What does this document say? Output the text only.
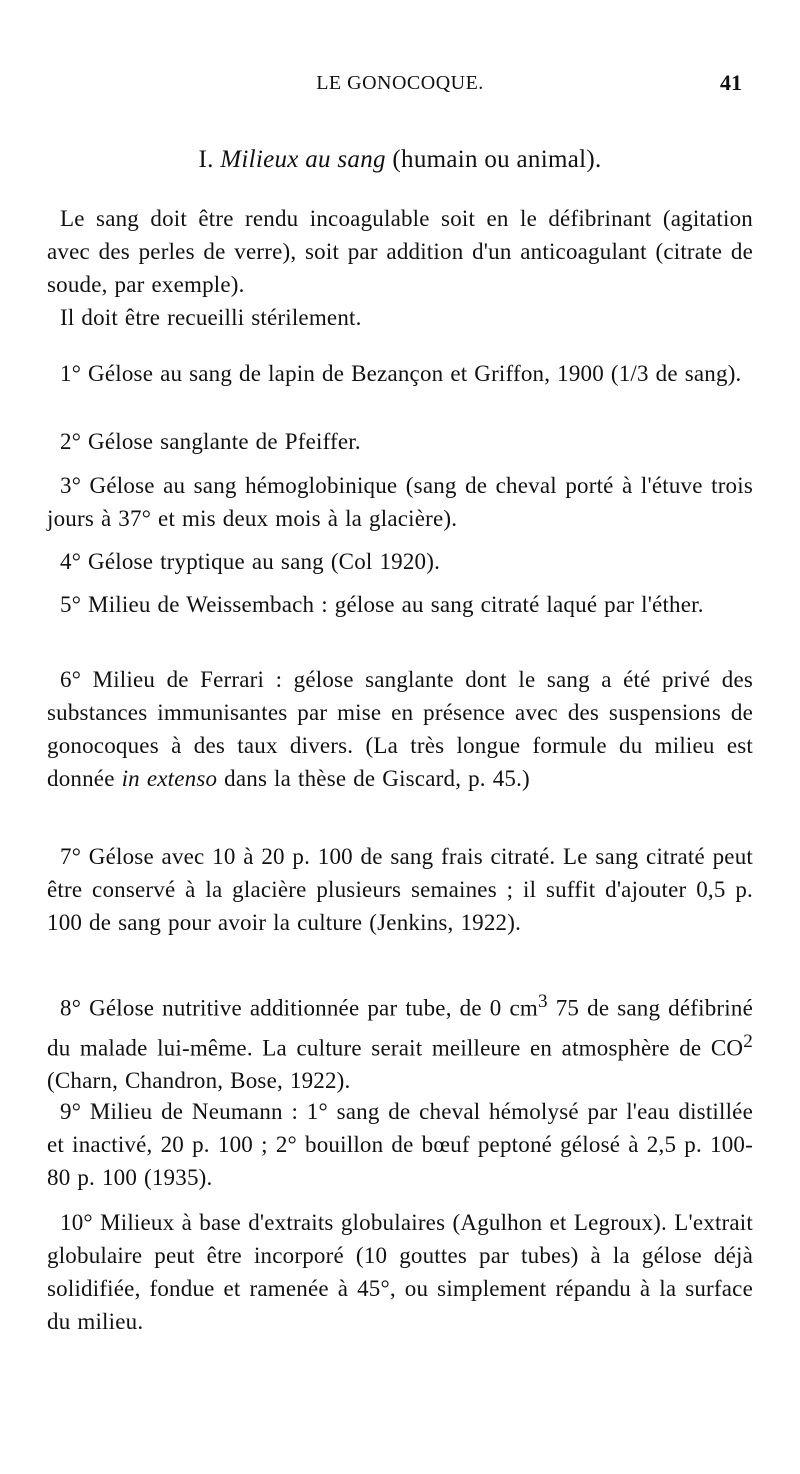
LE GONOCOQUE.	41
I. Milieux au sang (humain ou animal).

Le sang doit être rendu incoagulable soit en le défibrinant (agitation avec des perles de verre), soit par addition d'un anticoagulant (citrate de soude, par exemple).

Il doit être recueilli stérilement.

1° Gélose au sang de lapin de Bezançon et Griffon, 1900 (1/3 de sang).

2° Gélose sanglante de Pfeiffer.

3° Gélose au sang hémoglobinique (sang de cheval porté à l'étuve trois jours à 37° et mis deux mois à la glacière).

4° Gélose tryptique au sang (Col 1920).

5° Milieu de Weissembach : gélose au sang citraté laqué par l'éther.

6° Milieu de Ferrari : gélose sanglante dont le sang a été privé des substances immunisantes par mise en présence avec des suspensions de gonocoques à des taux divers. (La très longue formule du milieu est donnée in extenso dans la thèse de Giscard, p. 45.)

7° Gélose avec 10 à 20 p. 100 de sang frais citraté. Le sang citraté peut être conservé à la glacière plusieurs semaines ; il suffit d'ajouter 0,5 p. 100 de sang pour avoir la culture (Jenkins, 1922).

8° Gélose nutritive additionnée par tube, de 0 $cm^3$ 75 de sang défibriné du malade lui-même. La culture serait meilleure en atmosphère de $CO^2$ (Charn, Chandron, Bose, 1922).

9° Milieu de Neumann : 1° sang de cheval hémolysé par l'eau distillée et inactivé, 20 p. 100 ; 2° bouillon de bœuf peptoné gélosé à 2,5 p. 100-80 p. 100 (1935).

10° Milieux à base d'extraits globulaires (Agulhon et Legroux). L'extrait globulaire peut être incorporé (10 gouttes par tubes) à la gélose déjà solidifiée, fondue et ramenée à 45°, ou simplement répandu à la surface du milieu.
